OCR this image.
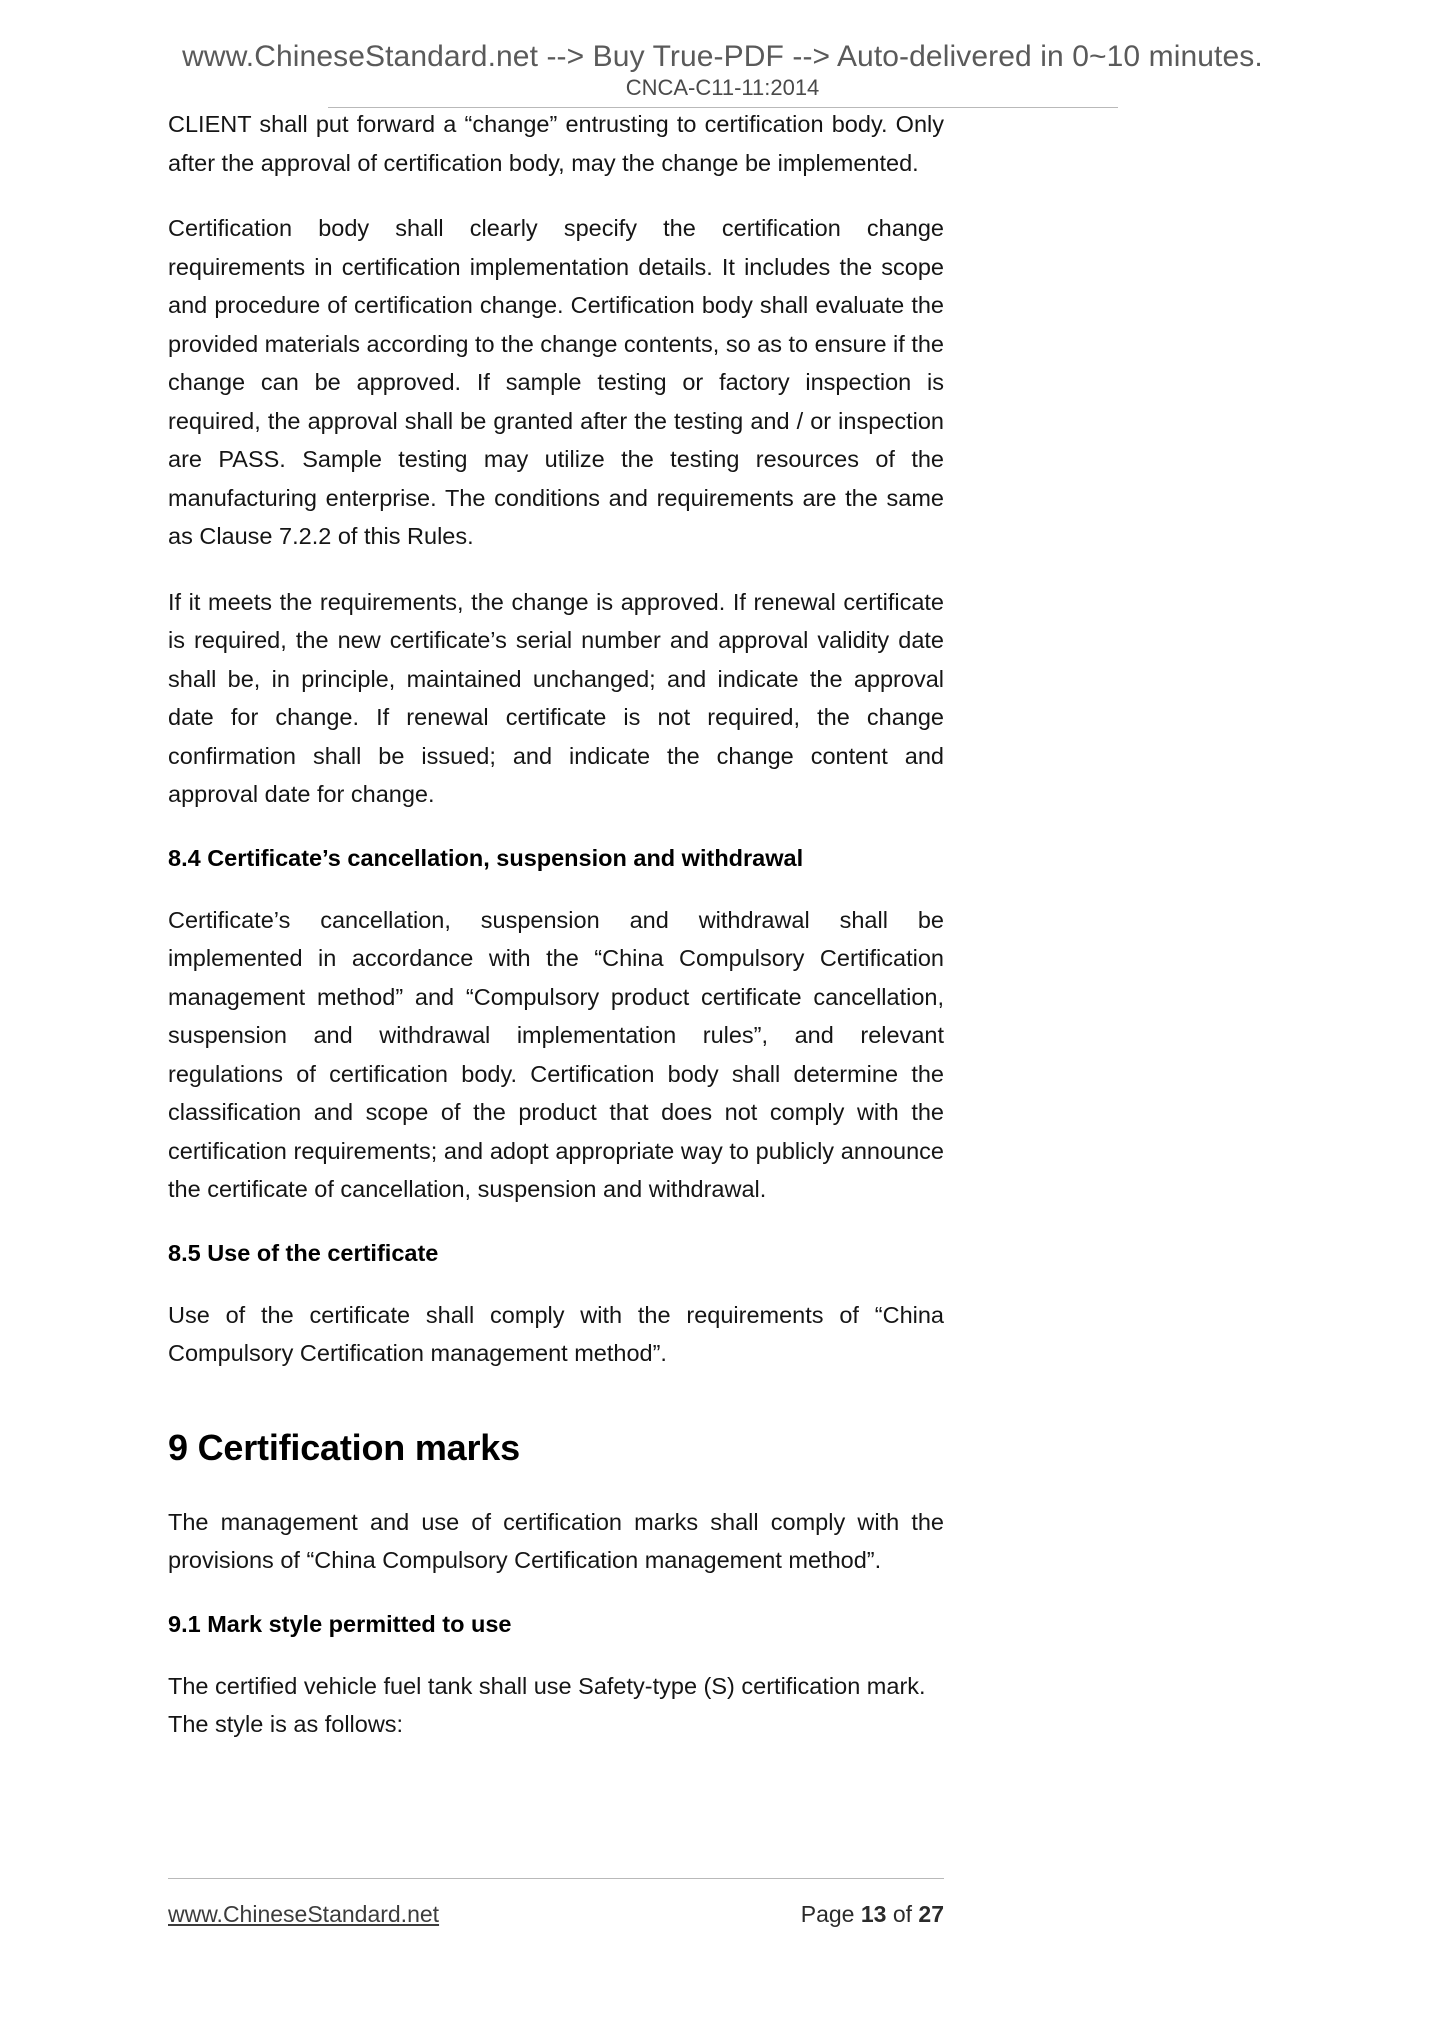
www.ChineseStandard.net --> Buy True-PDF --> Auto-delivered in 0~10 minutes.
CNCA-C11-11:2014

CLIENT shall put forward a “change” entrusting to certification body. Only after the approval of certification body, may the change be implemented.

Certification body shall clearly specify the certification change requirements in certification implementation details. It includes the scope and procedure of certification change. Certification body shall evaluate the provided materials according to the change contents, so as to ensure if the change can be approved. If sample testing or factory inspection is required, the approval shall be granted after the testing and / or inspection are PASS. Sample testing may utilize the testing resources of the manufacturing enterprise. The conditions and requirements are the same as Clause 7.2.2 of this Rules.

If it meets the requirements, the change is approved. If renewal certificate is required, the new certificate’s serial number and approval validity date shall be, in principle, maintained unchanged; and indicate the approval date for change. If renewal certificate is not required, the change confirmation shall be issued; and indicate the change content and approval date for change.

8.4 Certificate’s cancellation, suspension and withdrawal

Certificate’s cancellation, suspension and withdrawal shall be implemented in accordance with the “China Compulsory Certification management method” and “Compulsory product certificate cancellation, suspension and withdrawal implementation rules”, and relevant regulations of certification body. Certification body shall determine the classification and scope of the product that does not comply with the certification requirements; and adopt appropriate way to publicly announce the certificate of cancellation, suspension and withdrawal.

8.5 Use of the certificate

Use of the certificate shall comply with the requirements of “China Compulsory Certification management method”.

9 Certification marks

The management and use of certification marks shall comply with the provisions of “China Compulsory Certification management method”.

9.1 Mark style permitted to use

The certified vehicle fuel tank shall use Safety-type (S) certification mark. The style is as follows:

www.ChineseStandard.net	Page 13 of 27
